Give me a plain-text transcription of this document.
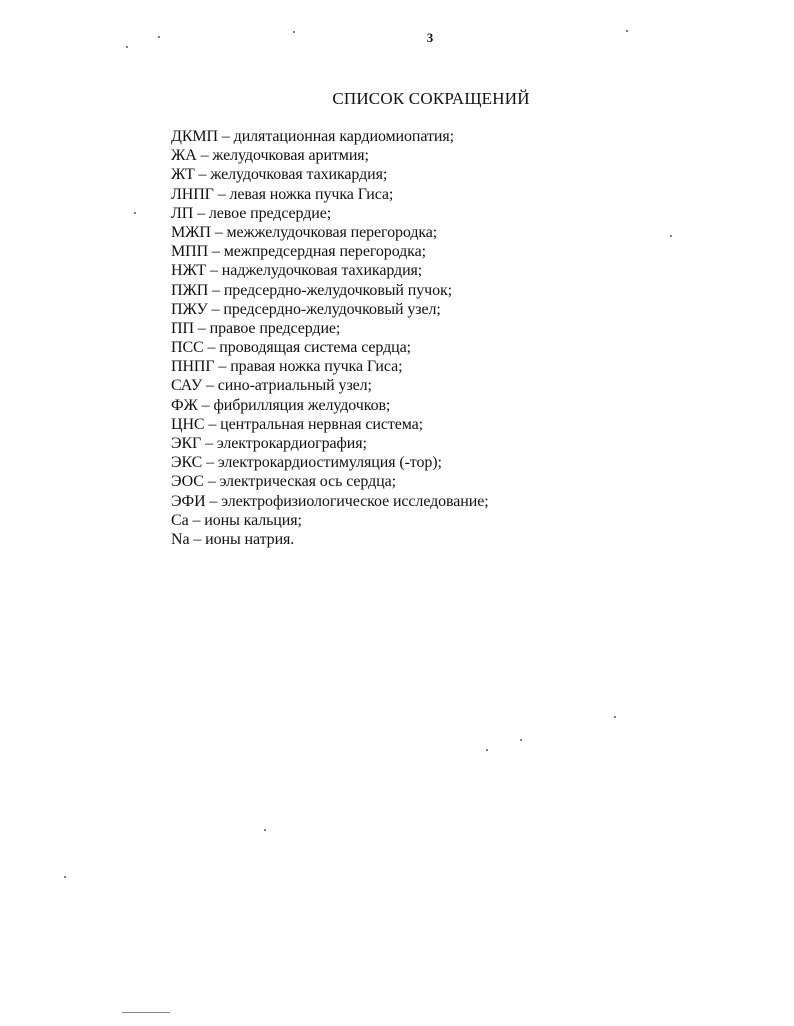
3
СПИСОК СОКРАЩЕНИЙ
ДКМП – дилятационная кардиомиопатия;
ЖА – желудочковая аритмия;
ЖТ – желудочковая тахикардия;
ЛНПГ – левая ножка пучка Гиса;
ЛП – левое предсердие;
МЖП – межжелудочковая перегородка;
МПП – межпредсердная перегородка;
НЖТ – наджелудочковая тахикардия;
ПЖП – предсердно-желудочковый пучок;
ПЖУ – предсердно-желудочковый узел;
ПП – правое предсердие;
ПСС – проводящая система сердца;
ПНПГ – правая ножка пучка Гиса;
САУ – сино-атриальный узел;
ФЖ – фибрилляция желудочков;
ЦНС – центральная нервная система;
ЭКГ – электрокардиография;
ЭКС – электрокардиостимуляция (-тор);
ЭОС – электрическая ось сердца;
ЭФИ – электрофизиологическое исследование;
Са – ионы кальция;
Na – ионы натрия.
